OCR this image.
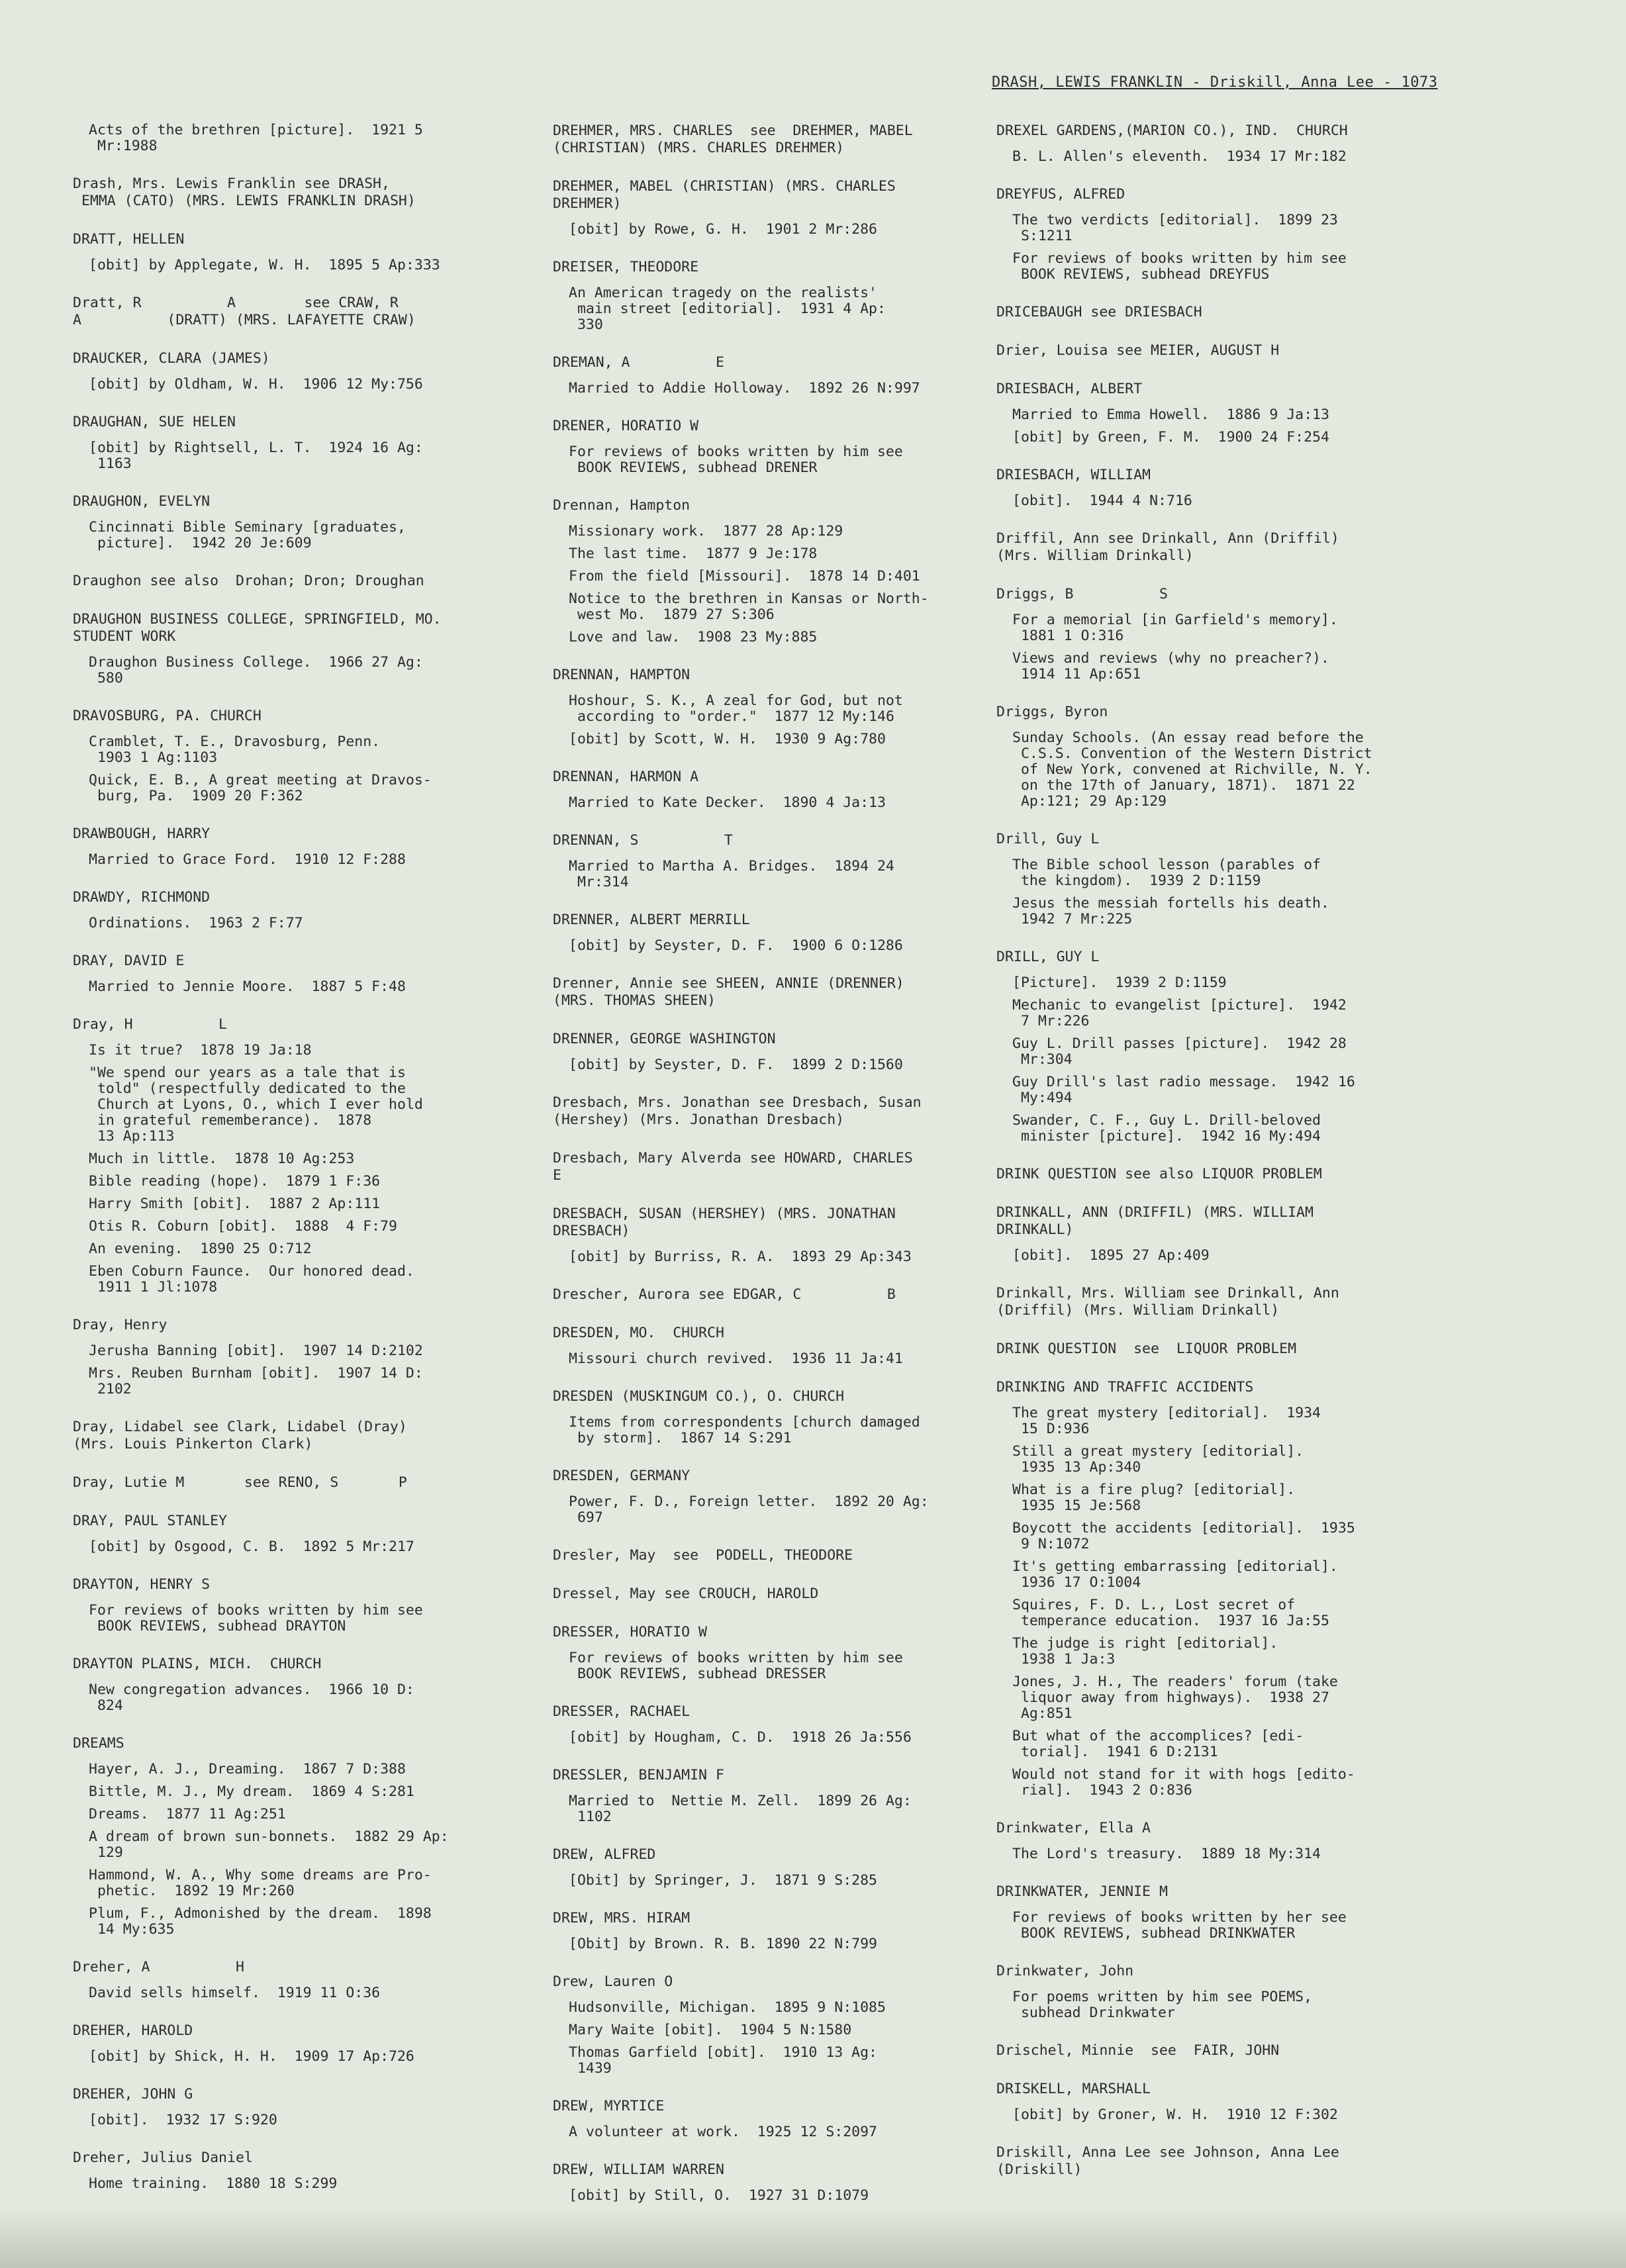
DRASH, LEWIS FRANKLIN - Driskill, Anna Lee - 1073
Acts of the brethren [picture].  1921 5
Mr:1988
Drash, Mrs. Lewis Franklin see DRASH,
EMMA (CATO) (MRS. LEWIS FRANKLIN DRASH)
DRATT, HELLEN
[obit] by Applegate, W. H.  1895 5 Ap:333
Dratt, R          A        see CRAW, R
A          (DRATT) (MRS. LAFAYETTE CRAW)
DRAUCKER, CLARA (JAMES)
[obit] by Oldham, W. H.  1906 12 My:756
DRAUGHAN, SUE HELEN
[obit] by Rightsell, L. T.  1924 16 Ag:
1163
DRAUGHON, EVELYN
Cincinnati Bible Seminary [graduates,
picture].  1942 20 Je:609
Draughon see also  Drohan; Dron; Droughan
DRAUGHON BUSINESS COLLEGE, SPRINGFIELD, MO.
STUDENT WORK
Draughon Business College.  1966 27 Ag:
580
DRAVOSBURG, PA. CHURCH
Cramblet, T. E., Dravosburg, Penn.
1903 1 Ag:1103
Quick, E. B., A great meeting at Dravos-
burg, Pa.  1909 20 F:362
DRAWBOUGH, HARRY
Married to Grace Ford.  1910 12 F:288
DRAWDY, RICHMOND
Ordinations.  1963 2 F:77
DRAY, DAVID E
Married to Jennie Moore.  1887 5 F:48
Dray, H          L
Is it true?  1878 19 Ja:18
"We spend our years as a tale that is
told" (respectfully dedicated to the
Church at Lyons, O., which I ever hold
in grateful rememberance).  1878
13 Ap:113
Much in little.  1878 10 Ag:253
Bible reading (hope).  1879 1 F:36
Harry Smith [obit].  1887 2 Ap:111
Otis R. Coburn [obit].  1888  4 F:79
An evening.  1890 25 O:712
Eben Coburn Faunce.  Our honored dead.
1911 1 Jl:1078
Dray, Henry
Jerusha Banning [obit].  1907 14 D:2102
Mrs. Reuben Burnham [obit].  1907 14 D:
2102
Dray, Lidabel see Clark, Lidabel (Dray)
(Mrs. Louis Pinkerton Clark)
Dray, Lutie M       see RENO, S       P
DRAY, PAUL STANLEY
[obit] by Osgood, C. B.  1892 5 Mr:217
DRAYTON, HENRY S
For reviews of books written by him see
BOOK REVIEWS, subhead DRAYTON
DRAYTON PLAINS, MICH.  CHURCH
New congregation advances.  1966 10 D:
824
DREAMS
Hayer, A. J., Dreaming.  1867 7 D:388
Bittle, M. J., My dream.  1869 4 S:281
Dreams.  1877 11 Ag:251
A dream of brown sun-bonnets.  1882 29 Ap:
129
Hammond, W. A., Why some dreams are Pro-
phetic.  1892 19 Mr:260
Plum, F., Admonished by the dream.  1898
14 My:635
Dreher, A          H
David sells himself.  1919 11 O:36
DREHER, HAROLD
[obit] by Shick, H. H.  1909 17 Ap:726
DREHER, JOHN G
[obit].  1932 17 S:920
Dreher, Julius Daniel
Home training.  1880 18 S:299
DREHMER, MRS. CHARLES  see  DREHMER, MABEL
(CHRISTIAN) (MRS. CHARLES DREHMER)
DREHMER, MABEL (CHRISTIAN) (MRS. CHARLES
DREHMER)
[obit] by Rowe, G. H.  1901 2 Mr:286
DREISER, THEODORE
An American tragedy on the realists'
main street [editorial].  1931 4 Ap:
330
DREMAN, A          E
Married to Addie Holloway.  1892 26 N:997
DRENER, HORATIO W
For reviews of books written by him see
BOOK REVIEWS, subhead DRENER
Drennan, Hampton
Missionary work.  1877 28 Ap:129
The last time.  1877 9 Je:178
From the field [Missouri].  1878 14 D:401
Notice to the brethren in Kansas or North-
west Mo.  1879 27 S:306
Love and law.  1908 23 My:885
DRENNAN, HAMPTON
Hoshour, S. K., A zeal for God, but not
according to "order."  1877 12 My:146
[obit] by Scott, W. H.  1930 9 Ag:780
DRENNAN, HARMON A
Married to Kate Decker.  1890 4 Ja:13
DRENNAN, S          T
Married to Martha A. Bridges.  1894 24
Mr:314
DRENNER, ALBERT MERRILL
[obit] by Seyster, D. F.  1900 6 O:1286
Drenner, Annie see SHEEN, ANNIE (DRENNER)
(MRS. THOMAS SHEEN)
DRENNER, GEORGE WASHINGTON
[obit] by Seyster, D. F.  1899 2 D:1560
Dresbach, Mrs. Jonathan see Dresbach, Susan
(Hershey) (Mrs. Jonathan Dresbach)
Dresbach, Mary Alverda see HOWARD, CHARLES
E
DRESBACH, SUSAN (HERSHEY) (MRS. JONATHAN
DRESBACH)
[obit] by Burriss, R. A.  1893 29 Ap:343
Drescher, Aurora see EDGAR, C          B
DRESDEN, MO.  CHURCH
Missouri church revived.  1936 11 Ja:41
DRESDEN (MUSKINGUM CO.), O. CHURCH
Items from correspondents [church damaged
by storm].  1867 14 S:291
DRESDEN, GERMANY
Power, F. D., Foreign letter.  1892 20 Ag:
697
Dresler, May  see  PODELL, THEODORE
Dressel, May see CROUCH, HAROLD
DRESSER, HORATIO W
For reviews of books written by him see
BOOK REVIEWS, subhead DRESSER
DRESSER, RACHAEL
[obit] by Hougham, C. D.  1918 26 Ja:556
DRESSLER, BENJAMIN F
Married to  Nettie M. Zell.  1899 26 Ag:
1102
DREW, ALFRED
[Obit] by Springer, J.  1871 9 S:285
DREW, MRS. HIRAM
[Obit] by Brown. R. B. 1890 22 N:799
Drew, Lauren O
Hudsonville, Michigan.  1895 9 N:1085
Mary Waite [obit].  1904 5 N:1580
Thomas Garfield [obit].  1910 13 Ag:
1439
DREW, MYRTICE
A volunteer at work.  1925 12 S:2097
DREW, WILLIAM WARREN
[obit] by Still, O.  1927 31 D:1079
DREXEL GARDENS,(MARION CO.), IND.  CHURCH
B. L. Allen's eleventh.  1934 17 Mr:182
DREYFUS, ALFRED
The two verdicts [editorial].  1899 23
S:1211
For reviews of books written by him see
BOOK REVIEWS, subhead DREYFUS
DRICEBAUGH see DRIESBACH
Drier, Louisa see MEIER, AUGUST H
DRIESBACH, ALBERT
Married to Emma Howell.  1886 9 Ja:13
[obit] by Green, F. M.  1900 24 F:254
DRIESBACH, WILLIAM
[obit].  1944 4 N:716
Driffil, Ann see Drinkall, Ann (Driffil)
(Mrs. William Drinkall)
Driggs, B          S
For a memorial [in Garfield's memory].
1881 1 O:316
Views and reviews (why no preacher?).
1914 11 Ap:651
Driggs, Byron
Sunday Schools. (An essay read before the
C.S.S. Convention of the Western District
of New York, convened at Richville, N. Y.
on the 17th of January, 1871).  1871 22
Ap:121; 29 Ap:129
Drill, Guy L
The Bible school lesson (parables of
the kingdom).  1939 2 D:1159
Jesus the messiah fortells his death.
1942 7 Mr:225
DRILL, GUY L
[Picture].  1939 2 D:1159
Mechanic to evangelist [picture].  1942
7 Mr:226
Guy L. Drill passes [picture].  1942 28
Mr:304
Guy Drill's last radio message.  1942 16
My:494
Swander, C. F., Guy L. Drill-beloved
minister [picture].  1942 16 My:494
DRINK QUESTION see also LIQUOR PROBLEM
DRINKALL, ANN (DRIFFIL) (MRS. WILLIAM
DRINKALL)
[obit].  1895 27 Ap:409
Drinkall, Mrs. William see Drinkall, Ann
(Driffil) (Mrs. William Drinkall)
DRINK QUESTION  see  LIQUOR PROBLEM
DRINKING AND TRAFFIC ACCIDENTS
The great mystery [editorial].  1934
15 D:936
Still a great mystery [editorial].
1935 13 Ap:340
What is a fire plug? [editorial].
1935 15 Je:568
Boycott the accidents [editorial].  1935
9 N:1072
It's getting embarrassing [editorial].
1936 17 O:1004
Squires, F. D. L., Lost secret of
temperance education.  1937 16 Ja:55
The judge is right [editorial].
1938 1 Ja:3
Jones, J. H., The readers' forum (take
liquor away from highways).  1938 27
Ag:851
But what of the accomplices? [edi-
torial].  1941 6 D:2131
Would not stand for it with hogs [edito-
rial].  1943 2 O:836
Drinkwater, Ella A
The Lord's treasury.  1889 18 My:314
DRINKWATER, JENNIE M
For reviews of books written by her see
BOOK REVIEWS, subhead DRINKWATER
Drinkwater, John
For poems written by him see POEMS,
subhead Drinkwater
Drischel, Minnie  see  FAIR, JOHN
DRISKELL, MARSHALL
[obit] by Groner, W. H.  1910 12 F:302
Driskill, Anna Lee see Johnson, Anna Lee
(Driskill)
